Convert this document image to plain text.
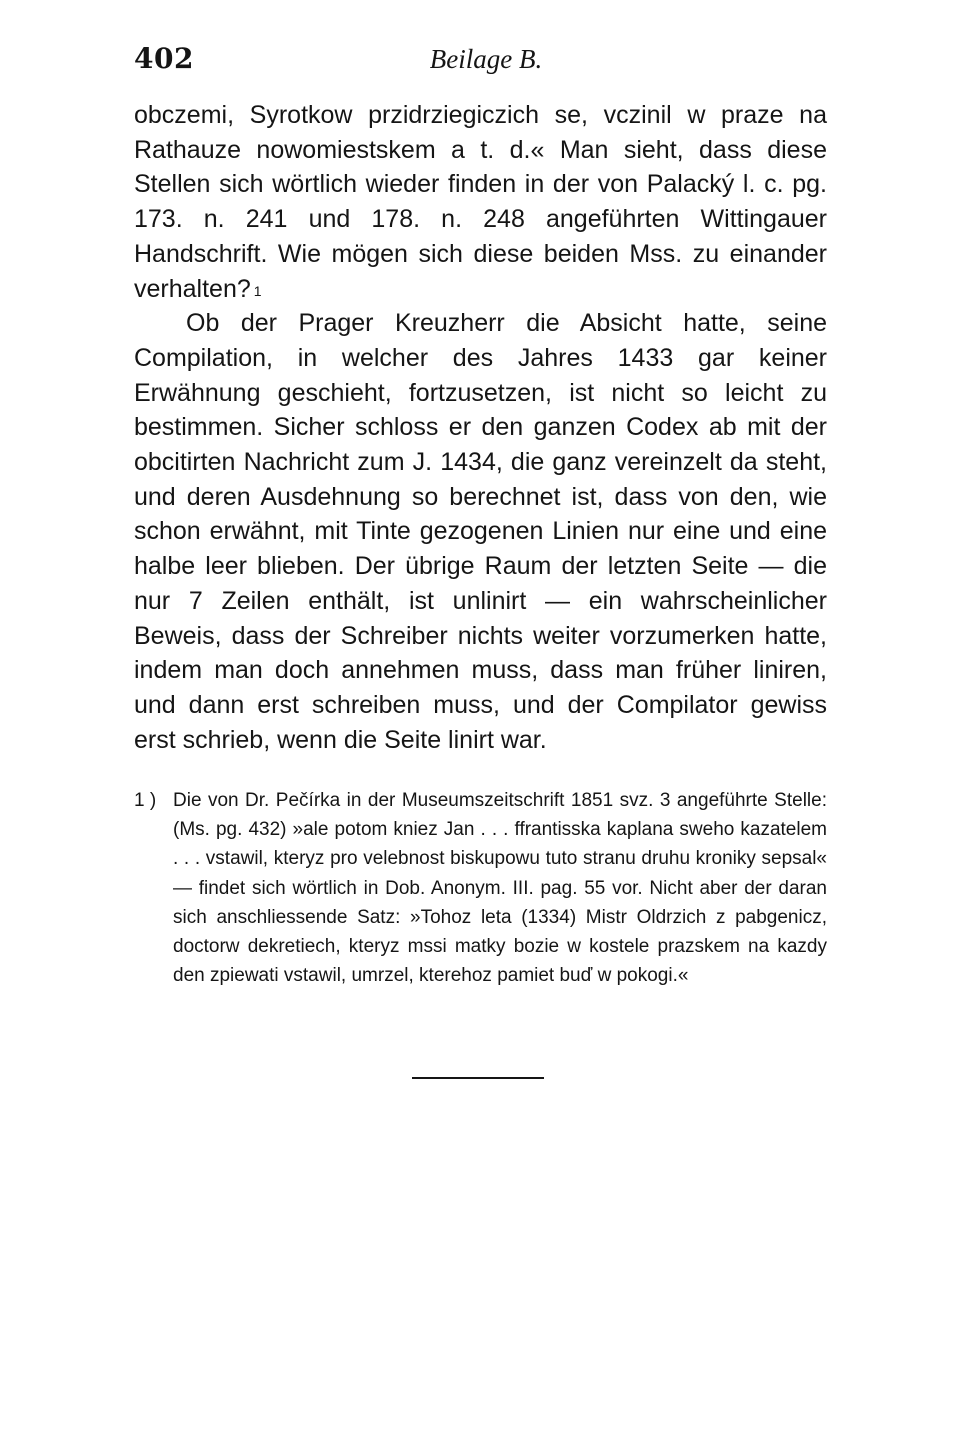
402	Beilage B.

obczemi, Syrotkow przidrziegiczich se, vczinil w praze na Rathauze nowomiestskem a t. d.« Man sieht, dass diese Stellen sich wörtlich wieder finden in der von Palacký l. c. pg. 173. n. 241 und 178. n. 248 angeführten Wittingauer Handschrift. Wie mögen sich diese beiden Mss. zu einander verhalten? $^1$

Ob der Prager Kreuzherr die Absicht hatte, seine Compilation, in welcher des Jahres 1433 gar keiner Erwähnung geschieht, fortzusetzen, ist nicht so leicht zu bestimmen. Sicher schloss er den ganzen Codex ab mit der obcitirten Nachricht zum J. 1434, die ganz vereinzelt da steht, und deren Ausdehnung so berechnet ist, dass von den, wie schon erwähnt, mit Tinte gezogenen Linien nur eine und eine halbe leer blieben. Der übrige Raum der letzten Seite — die nur 7 Zeilen enthält, ist unlinirt — ein wahrscheinlicher Beweis, dass der Schreiber nichts weiter vorzumerken hatte, indem man doch annehmen muss, dass man früher liniren, und dann erst schreiben muss, und der Compilator gewiss erst schrieb, wenn die Seite linirt war.

1 ) Die von Dr. Pečírka in der Museumszeitschrift 1851 svz. 3 angeführte Stelle: (Ms. pg. 432) »ale potom kniez Jan . . . ffrantisska kaplana sweho kazatelem . . . vstawil, kteryz pro velebnost biskupowu tuto stranu druhu kroniky sepsal« — findet sich wörtlich in Dob. Anonym. III. pag. 55 vor. Nicht aber der daran sich anschliessende Satz: »Tohoz leta (1334) Mistr Oldrzich z pabgenicz, doctorw dekretiech, kteryz mssi matky bozie w kostele prazskem na kazdy den zpiewati vstawil, umrzel, kterehoz pamiet buď w pokogi.«
